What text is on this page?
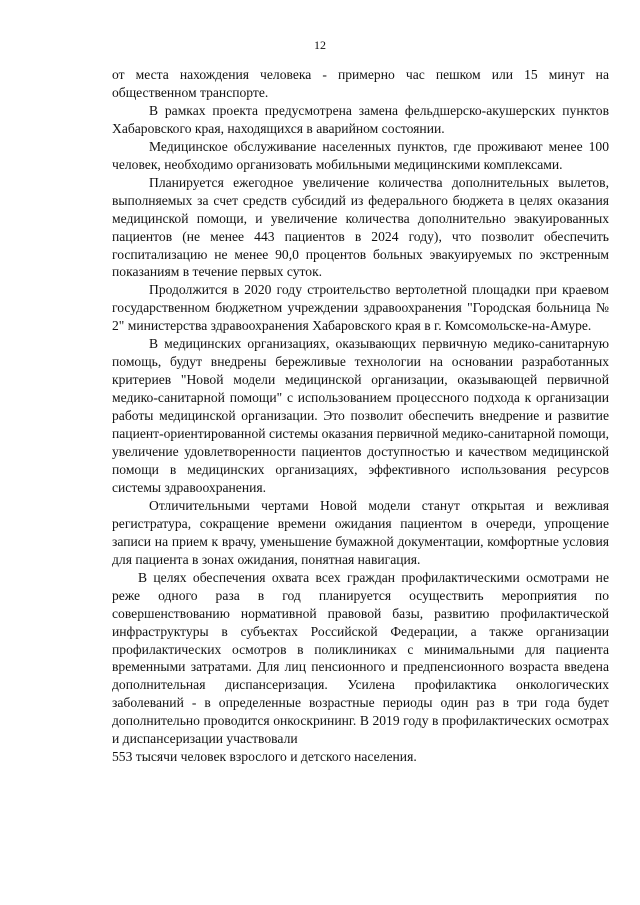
12

от места нахождения человека - примерно час пешком или 15 минут на общественном транспорте.

В рамках проекта предусмотрена замена фельдшерско-акушерских пунктов Хабаровского края, находящихся в аварийном состоянии.

Медицинское обслуживание населенных пунктов, где проживают менее 100 человек, необходимо организовать мобильными медицинскими комплексами.

Планируется ежегодное увеличение количества дополнительных вылетов, выполняемых за счет средств субсидий из федерального бюджета в целях оказания медицинской помощи, и увеличение количества дополнительно эвакуированных пациентов (не менее 443 пациентов в 2024 году), что позволит обеспечить госпитализацию не менее 90,0 процентов больных эвакуируемых по экстренным показаниям в течение первых суток.

Продолжится в 2020 году строительство вертолетной площадки при краевом государственном бюджетном учреждении здравоохранения "Городская больница № 2" министерства здравоохранения Хабаровского края в г. Комсомольске-на-Амуре.

В медицинских организациях, оказывающих первичную медико-санитарную помощь, будут внедрены бережливые технологии на основании разработанных критериев "Новой модели медицинской организации, оказывающей первичной медико-санитарной помощи" с использованием процессного подхода к организации работы медицинской организации. Это позволит обеспечить внедрение и развитие пациент-ориентированной системы оказания первичной медико-санитарной помощи, увеличение удовлетворенности пациентов доступностью и качеством медицинской помощи в медицинских организациях, эффективного использования ресурсов системы здравоохранения.

Отличительными чертами Новой модели станут открытая и вежливая регистратура, сокращение времени ожидания пациентом в очереди, упрощение записи на прием к врачу, уменьшение бумажной документации, комфортные условия для пациента в зонах ожидания, понятная навигация.

В целях обеспечения охвата всех граждан профилактическими осмотрами не реже одного раза в год планируется осуществить мероприятия по совершенствованию нормативной правовой базы, развитию профилактической инфраструктуры в субъектах Российской Федерации, а также организации профилактических осмотров в поликлиниках с минимальными для пациента временными затратами. Для лиц пенсионного и предпенсионного возраста введена дополнительная диспансеризация. Усилена профилактика онкологических заболеваний - в определенные возрастные периоды один раз в три года будет дополнительно проводится онкоскрининг. В 2019 году в профилактических осмотрах и диспансеризации участвовали

553 тысячи человек взрослого и детского населения.
